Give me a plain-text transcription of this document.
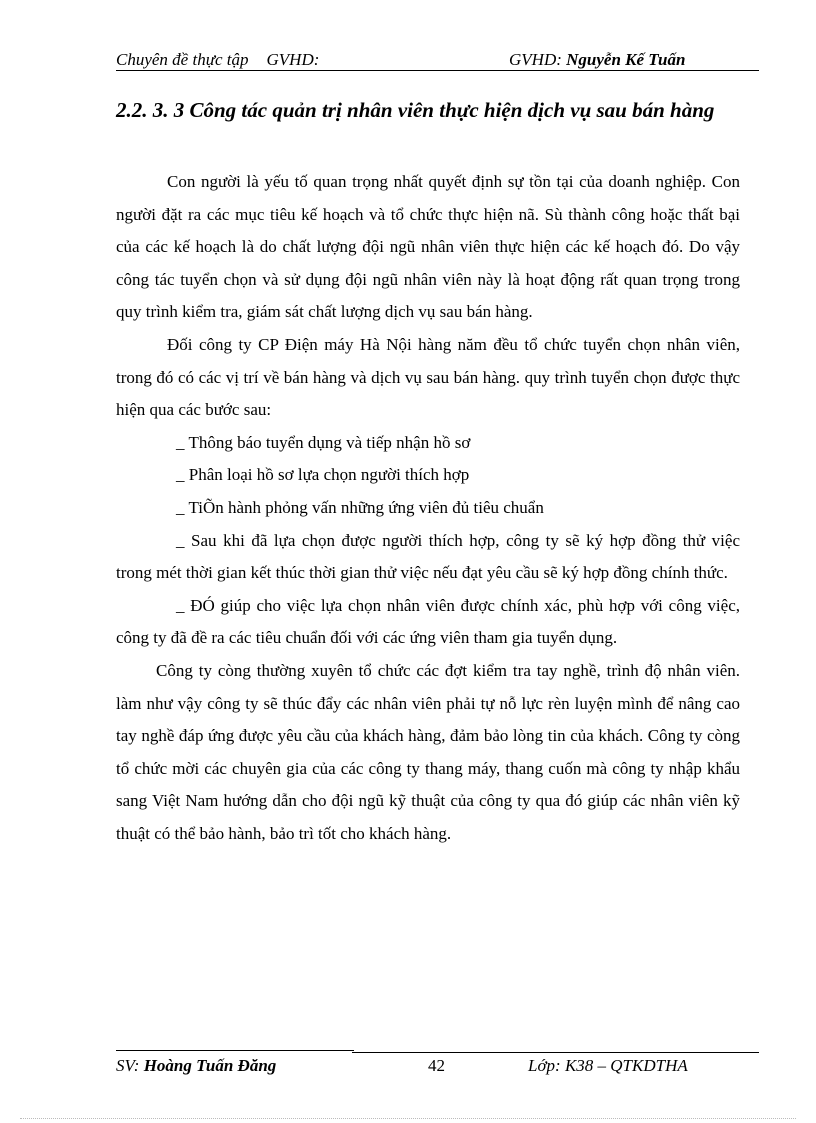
Chuyên đề thực tập GVHD:	GVHD: Nguyễn Kế Tuấn
2.2. 3. 3 Công tác quản trị nhân viên thực hiện dịch vụ sau bán hàng

Con người là yếu tố quan trọng nhất quyết định sự tồn tại của doanh nghiệp. Con người đặt ra các mục tiêu kế hoạch và tổ chức thực hiện nã. Sù thành công hoặc thất bại của các kế hoạch là do chất lượng đội ngũ nhân viên thực hiện các kế hoạch đó. Do vậy công tác tuyển chọn và sử dụng đội ngũ nhân viên này là hoạt động rất quan trọng trong quy trình kiểm tra, giám sát chất lượng dịch vụ sau bán hàng.

Đối công ty CP Điện máy Hà Nội hàng năm đều tổ chức tuyển chọn nhân viên, trong đó có các vị trí về bán hàng và dịch vụ sau bán hàng. quy trình tuyển chọn được thực hiện qua các bước sau:

_ Thông báo tuyển dụng và tiếp nhận hồ sơ

_ Phân loại hồ sơ lựa chọn người thích hợp

_ TiÕn hành phỏng vấn những ứng viên đủ tiêu chuẩn

_ Sau khi đã lựa chọn được người thích hợp, công ty sẽ ký hợp đồng thử việc trong mét thời gian kết thúc thời gian thử việc nếu đạt yêu cầu sẽ ký hợp đồng chính thức.

_ ĐÓ giúp cho việc lựa chọn nhân viên được chính xác, phù hợp với công việc, công ty đã đề ra các tiêu chuẩn đối với các ứng viên tham gia tuyển dụng.

Công ty còng thường xuyên tổ chức các đợt kiểm tra tay nghề, trình độ nhân viên. làm như vậy công ty sẽ thúc đẩy các nhân viên phải tự nỗ lực rèn luyện mình để nâng cao tay nghề đáp ứng được yêu cầu của khách hàng, đảm bảo lòng tin của khách. Công ty còng tổ chức mời các chuyên gia của các công ty thang máy, thang cuốn mà công ty nhập khẩu sang Việt Nam hướng dẫn cho đội ngũ kỹ thuật của công ty qua đó giúp các nhân viên kỹ thuật có thể bảo hành, bảo trì tốt cho khách hàng.

SV: Hoàng Tuấn Đăng	42	Lớp: K38 – QTKDTHA
